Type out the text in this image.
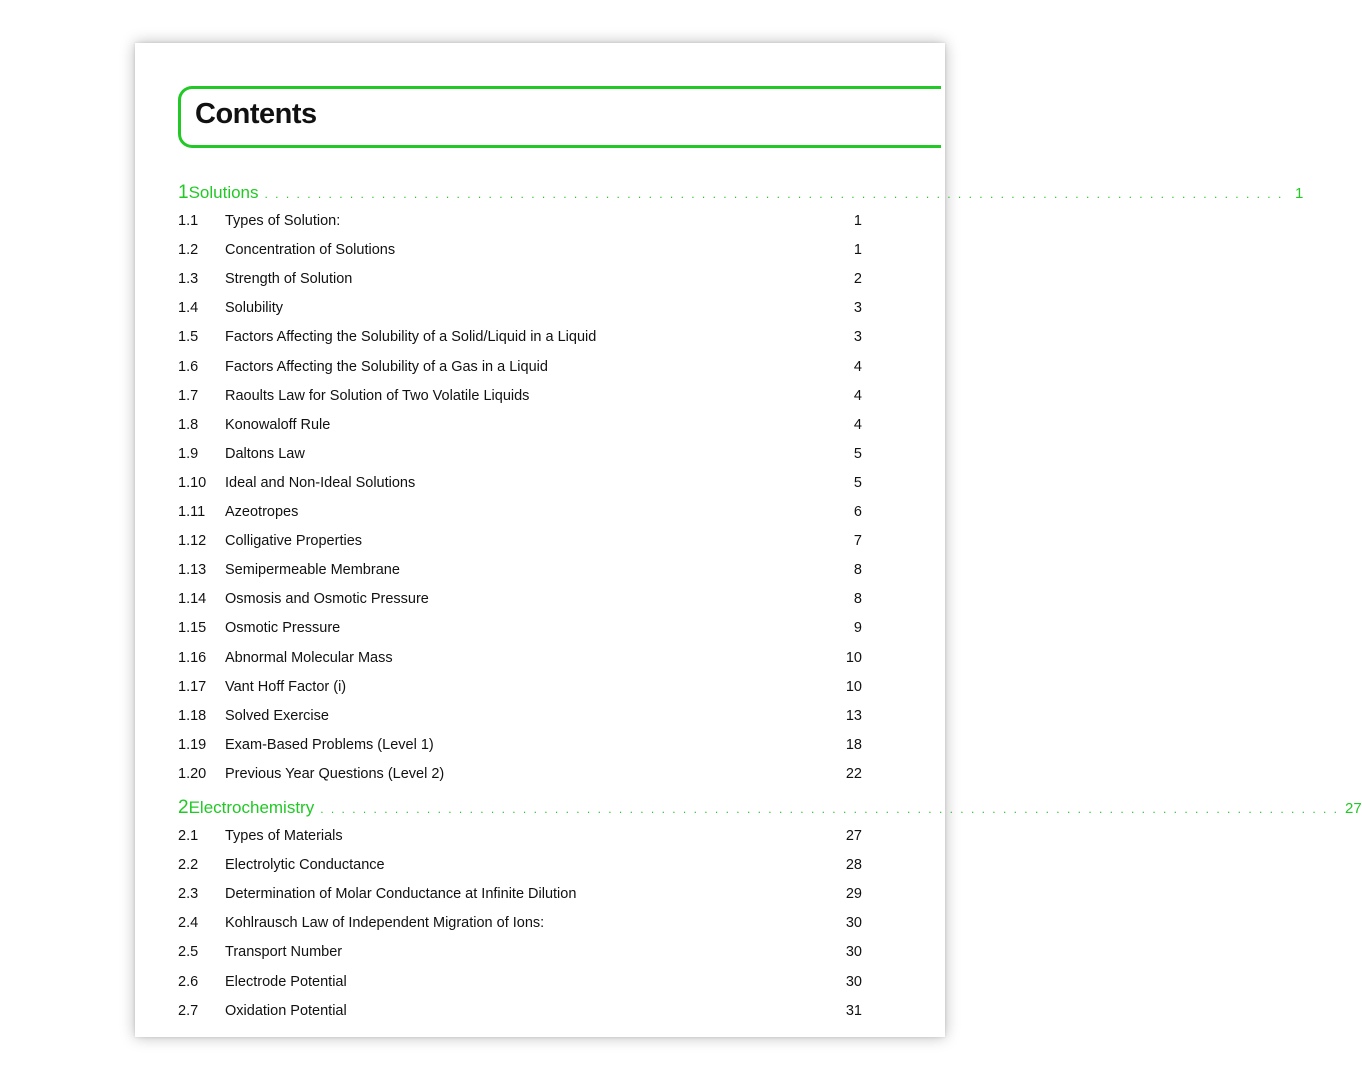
Contents
1 Solutions . . . . . . . . . . . . . . . . . . . . . . . . . . . . . . . . . . . . . . . . . . . . . . . . . . . . . . . . . . . . . . . . . . . . . . . . . . . . . . . . . . . . . . . . . . . . . . . . 1
1.1	Types of Solution:	1
1.2	Concentration of Solutions	1
1.3	Strength of Solution	2
1.4	Solubility	3
1.5	Factors Affecting the Solubility of a Solid/Liquid in a Liquid	3
1.6	Factors Affecting the Solubility of a Gas in a Liquid	4
1.7	Raoults Law for Solution of Two Volatile Liquids	4
1.8	Konowaloff Rule	4
1.9	Daltons Law	5
1.10	Ideal and Non-Ideal Solutions	5
1.11	Azeotropes	6
1.12	Colligative Properties	7
1.13	Semipermeable Membrane	8
1.14	Osmosis and Osmotic Pressure	8
1.15	Osmotic Pressure	9
1.16	Abnormal Molecular Mass	10
1.17	Vant Hoff Factor (i)	10
1.18	Solved Exercise	13
1.19	Exam-Based Problems (Level 1)	18
1.20	Previous Year Questions (Level 2)	22
2 Electrochemistry . . . . . . . . . . . . . . . . . . . . . . . . . . . . . . . . . . . . . . . . . . . . . . . . . . . . . . . . . . . . . . . . . . . . . . . . . . . . . . . . . . . . . . . . . . . . . . . . 27
2.1	Types of Materials	27
2.2	Electrolytic Conductance	28
2.3	Determination of Molar Conductance at Infinite Dilution	29
2.4	Kohlrausch Law of Independent Migration of Ions:	30
2.5	Transport Number	30
2.6	Electrode Potential	30
2.7	Oxidation Potential	31
